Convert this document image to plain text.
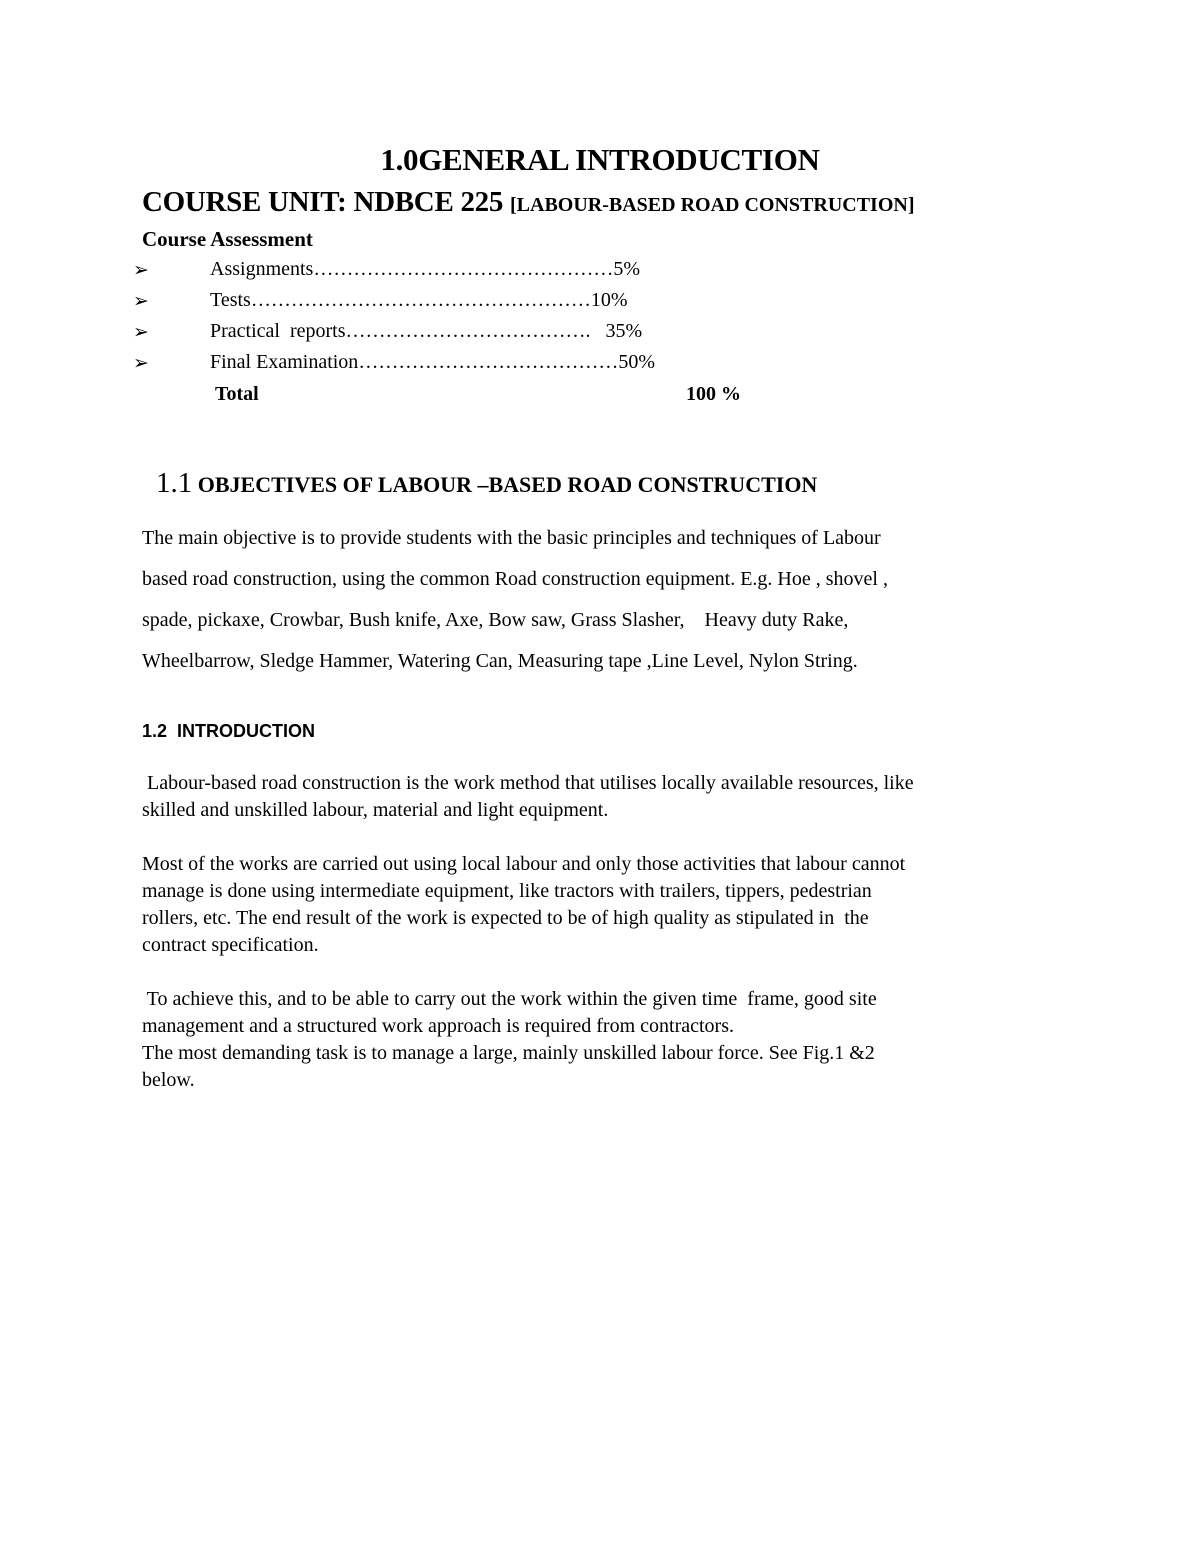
1.0GENERAL INTRODUCTION
COURSE UNIT: NDBCE 225 [LABOUR-BASED ROAD CONSTRUCTION]
Course Assessment
➢	Assignments………………………………………5%
➢	Tests……………………………………………10%
➢	Practical  reports……………………………….   35%
➢	Final Examination…………………………………50%
Total	100 %
1.1 OBJECTIVES OF LABOUR –BASED ROAD CONSTRUCTION
The main objective is to provide students with the basic principles and techniques of Labour
based road construction, using the common Road construction equipment. E.g. Hoe , shovel ,
spade, pickaxe, Crowbar, Bush knife, Axe, Bow saw, Grass Slasher,    Heavy duty Rake,
Wheelbarrow, Sledge Hammer, Watering Can, Measuring tape ,Line Level, Nylon String.
1.2  INTRODUCTION
Labour-based road construction is the work method that utilises locally available resources, like
skilled and unskilled labour, material and light equipment.
Most of the works are carried out using local labour and only those activities that labour cannot
manage is done using intermediate equipment, like tractors with trailers, tippers, pedestrian
rollers, etc. The end result of the work is expected to be of high quality as stipulated in  the
contract specification.
To achieve this, and to be able to carry out the work within the given time  frame, good site
management and a structured work approach is required from contractors.
The most demanding task is to manage a large, mainly unskilled labour force. See Fig.1 &2
below.
